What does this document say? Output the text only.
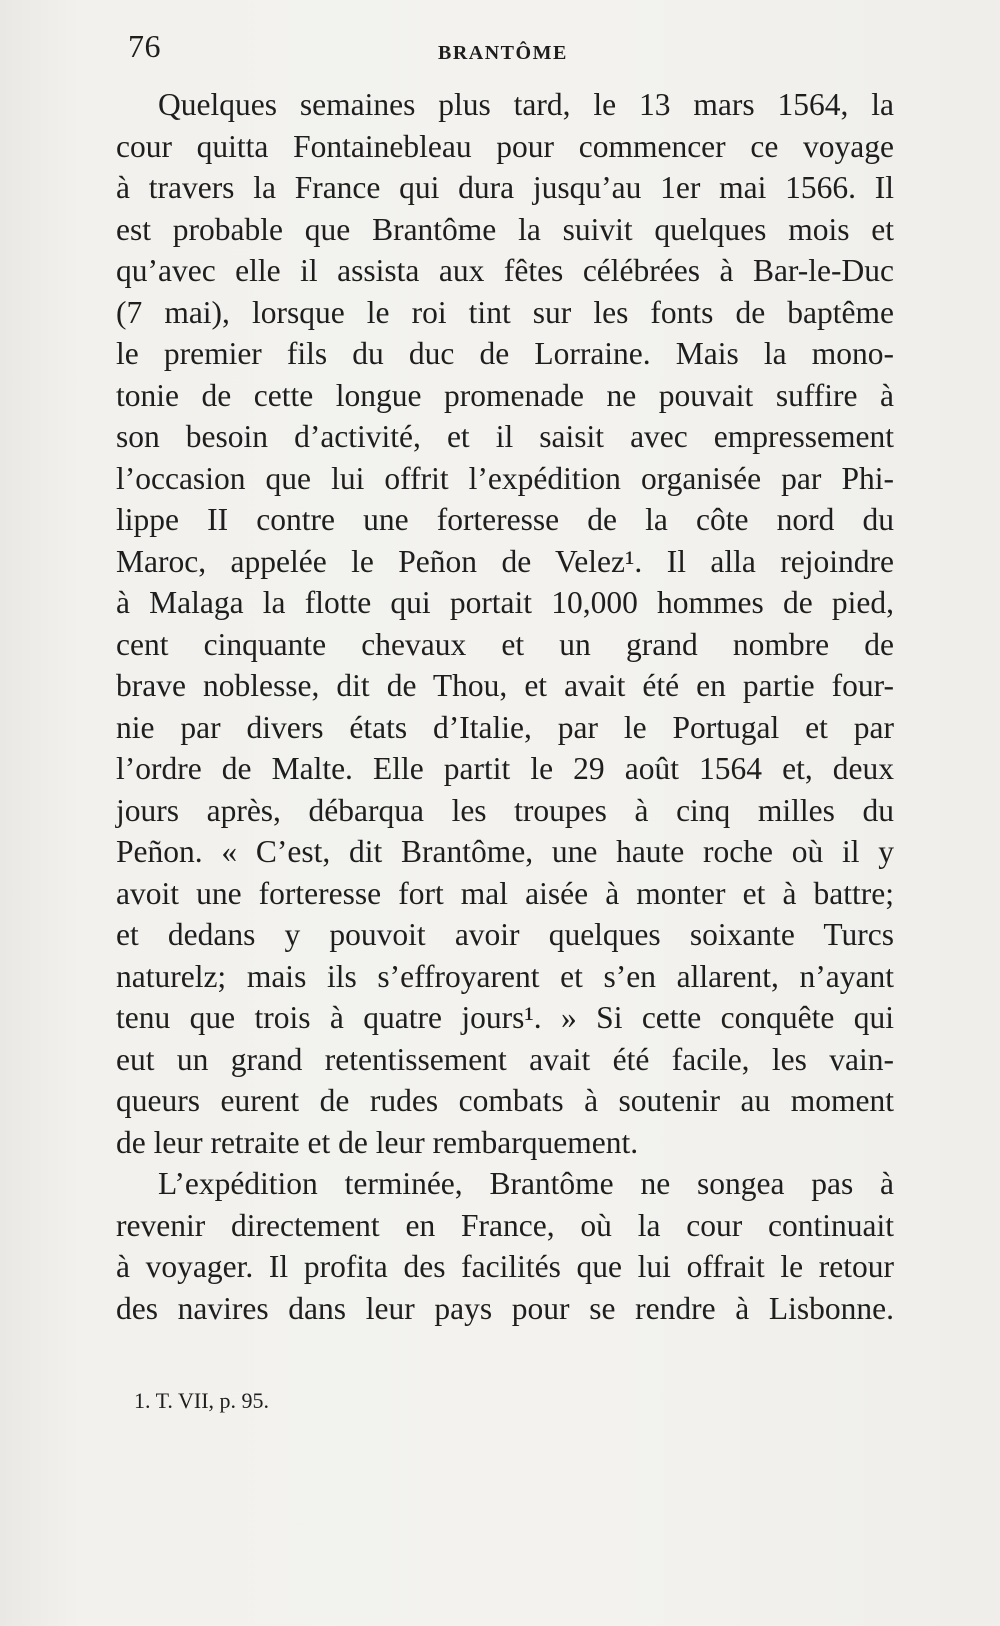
76	BRANTÔME
Quelques semaines plus tard, le 13 mars 1564, la
cour quitta Fontainebleau pour commencer ce voyage
à travers la France qui dura jusqu’au 1er mai 1566. Il
est probable que Brantôme la suivit quelques mois et
qu’avec elle il assista aux fêtes célébrées à Bar-le-Duc
(7 mai), lorsque le roi tint sur les fonts de baptême
le premier fils du duc de Lorraine. Mais la mono-
tonie de cette longue promenade ne pouvait suffire à
son besoin d’activité, et il saisit avec empressement
l’occasion que lui offrit l’expédition organisée par Phi-
lippe II contre une forteresse de la côte nord du
Maroc, appelée le Peñon de Velez¹. Il alla rejoindre
à Malaga la flotte qui portait 10,000 hommes de pied,
cent cinquante chevaux et un grand nombre de
brave noblesse, dit de Thou, et avait été en partie four-
nie par divers états d’Italie, par le Portugal et par
l’ordre de Malte. Elle partit le 29 août 1564 et, deux
jours après, débarqua les troupes à cinq milles du
Peñon. « C’est, dit Brantôme, une haute roche où il y
avoit une forteresse fort mal aisée à monter et à battre;
et dedans y pouvoit avoir quelques soixante Turcs
naturelz; mais ils s’effroyarent et s’en allarent, n’ayant
tenu que trois à quatre jours¹. » Si cette conquête qui
eut un grand retentissement avait été facile, les vain-
queurs eurent de rudes combats à soutenir au moment
de leur retraite et de leur rembarquement.
L’expédition terminée, Brantôme ne songea pas à
revenir directement en France, où la cour continuait
à voyager. Il profita des facilités que lui offrait le retour
des navires dans leur pays pour se rendre à Lisbonne.
1. T. VII, p. 95.
